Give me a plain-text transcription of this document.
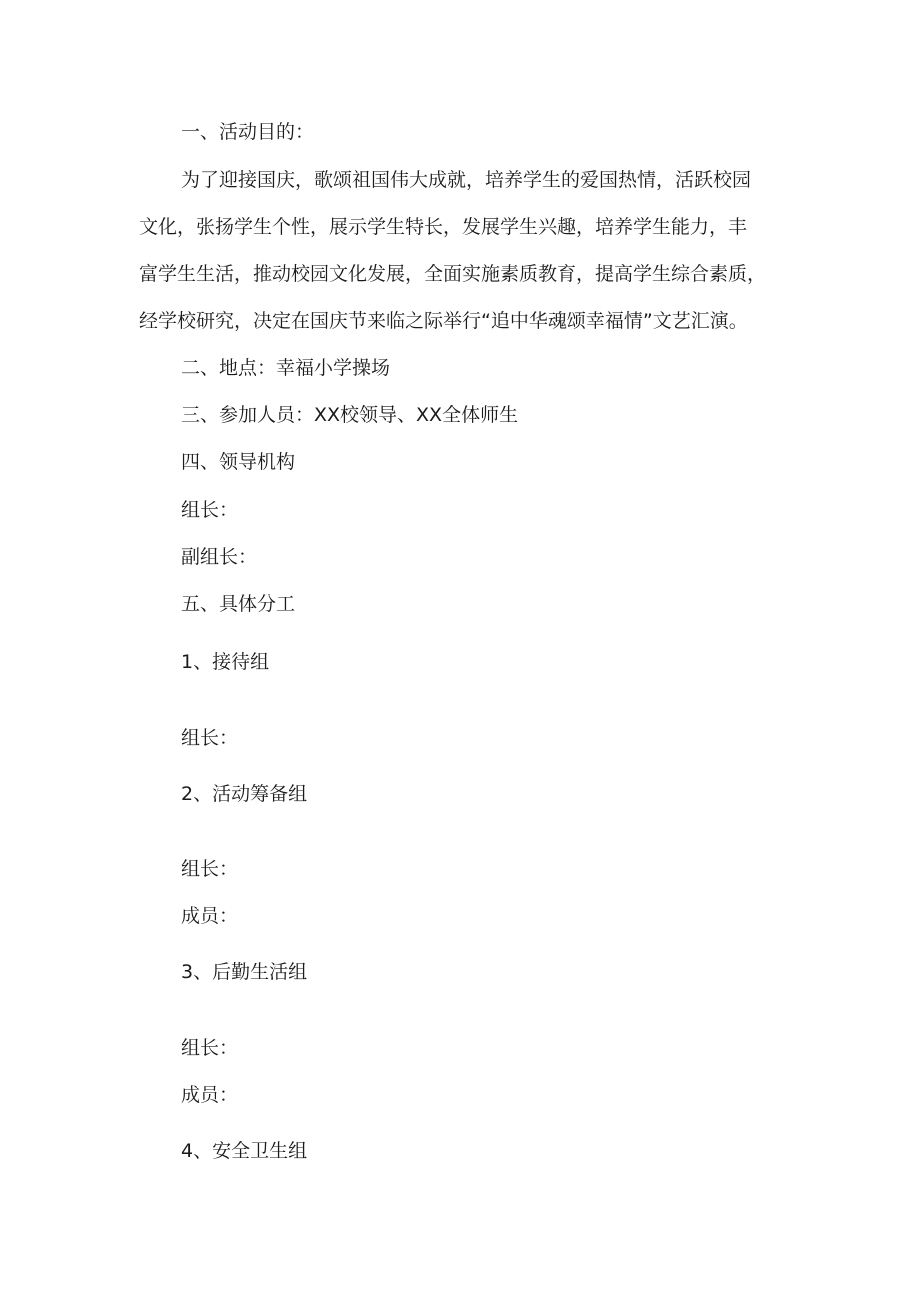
一、活动目的：

为了迎接国庆，歌颂祖国伟大成就，培养学生的爱国热情，活跃校园

文化，张扬学生个性，展示学生特长，发展学生兴趣，培养学生能力，丰

富学生生活，推动校园文化发展，全面实施素质教育，提高学生综合素质，

经学校研究，决定在国庆节来临之际举行“追中华魂颂幸福情”文艺汇演。

二、地点：幸福小学操场

三、参加人员：XX校领导、XX全体师生

四、领导机构

组长：

副组长：

五、具体分工

1、接待组

组长：

2、活动筹备组

组长：

成员：

3、后勤生活组

组长：

成员：

4、安全卫生组
